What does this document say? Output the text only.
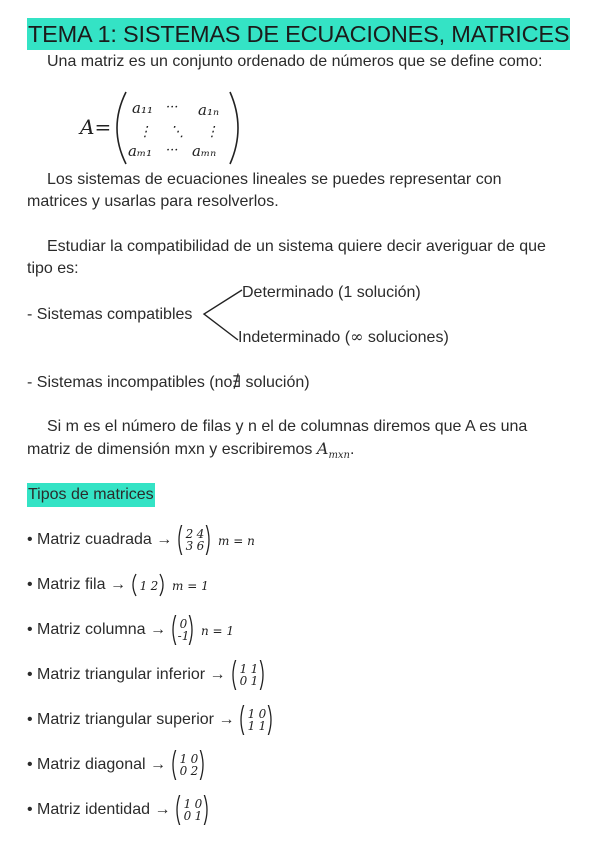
TEMA 1: SISTEMAS DE ECUACIONES, MATRICES
Una matriz es un conjunto ordenado de números que se define como:
A=
a₁₁ ··· a₁ₙ
⋮ ⋱ ⋮
aₘ₁ ··· aₘₙ
Los sistemas de ecuaciones lineales se puedes representar con
matrices y usarlas para resolverlos.
Estudiar la compatibilidad de un sistema quiere decir averiguar de que
tipo es:
- Sistemas compatibles
Determinado (1 solución)
Indeterminado (∞ soluciones)
- Sistemas incompatibles (no∄ solución)
Si m es el número de filas y n el de columnas diremos que A es una
matriz de dimensión mxn y escribiremos $A_{mxn}$.
Tipos de matrices
• Matriz cuadrada → 2 4
3 6 m = n
• Matriz fila → 1 2 m = 1
• Matriz columna → 0
-1 n = 1
• Matriz triangular inferior → 1 1
0 1
• Matriz triangular superior → 1 0
1 1
• Matriz diagonal → 1 0
0 2
• Matriz identidad → 1 0
0 1
